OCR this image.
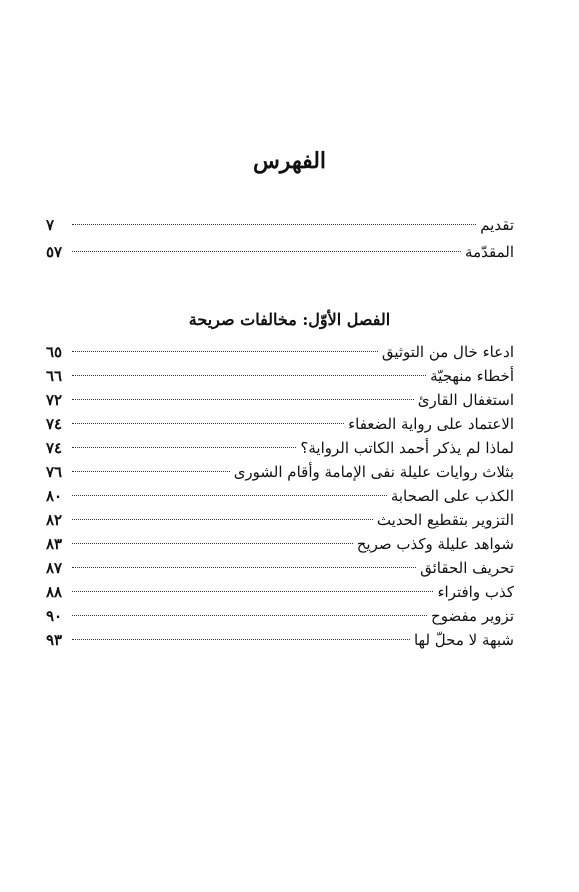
الفهرس
تقديم
٧
المقدّمة
٥٧
الفصل الأوّل: مخالفات صريحة
ادعاء خال من التوثيق
٦٥
أخطاء منهجيّة
٦٦
استغفال القارئ
٧٢
الاعتماد على رواية الضعفاء
٧٤
لماذا لم يذكر أحمد الكاتب الرواية؟
٧٤
بثلاث روايات عليلة نفى الإمامة وأقام الشورى
٧٦
الكذب على الصحابة
٨٠
التزوير بتقطيع الحديث
٨٢
شواهد عليلة وكذب صريح
٨٣
تحريف الحقائق
٨٧
كذب وافتراء
٨٨
تزوير مفضوح
٩٠
شبهة لا محلّ لها
٩٣
